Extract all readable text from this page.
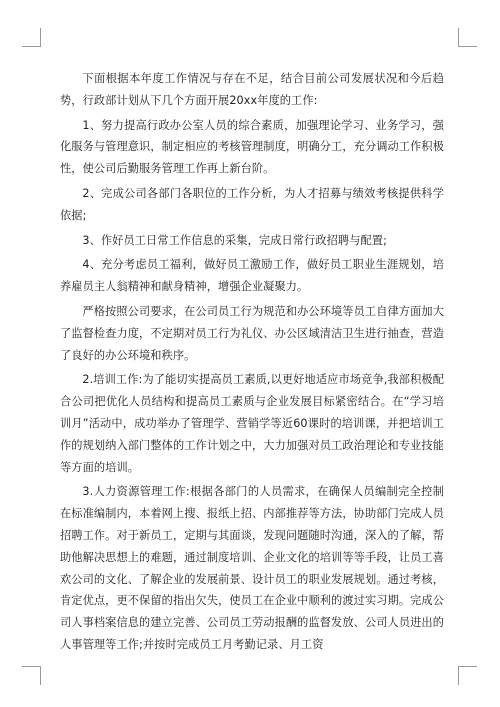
下面根据本年度工作情况与存在不足，结合目前公司发展状况和今后趋势，行政部计划从下几个方面开展20xx年度的工作:

1、努力提高行政办公室人员的综合素质，加强理论学习、业务学习，强化服务与管理意识，制定相应的考核管理制度，明确分工，充分调动工作积极性，使公司后勤服务管理工作再上新台阶。

2、完成公司各部门各职位的工作分析，为人才招募与绩效考核提供科学依据;

3、作好员工日常工作信息的采集，完成日常行政招聘与配置;

4、充分考虑员工福利，做好员工激励工作，做好员工职业生涯规划，培养雇员主人翁精神和献身精神，增强企业凝聚力。

严格按照公司要求，在公司员工行为规范和办公环境等员工自律方面加大了监督检查力度，不定期对员工行为礼仪、办公区域清洁卫生进行抽查，营造了良好的办公环境和秩序。

2.培训工作:为了能切实提高员工素质,以更好地适应市场竞争,我部积极配合公司把优化人员结构和提高员工素质与企业发展目标紧密结合。在“学习培训月”活动中，成功举办了管理学、营销学等近60课时的培训课，并把培训工作的规划纳入部门整体的工作计划之中，大力加强对员工政治理论和专业技能等方面的培训。

3.人力资源管理工作:根据各部门的人员需求，在确保人员编制完全控制在标准编制内，本着网上搜、报纸上招、内部推荐等方法，协助部门完成人员招聘工作。对于新员工，定期与其面谈，发现问题随时沟通，深入的了解，帮助他解决思想上的难题，通过制度培训、企业文化的培训等等手段，让员工喜欢公司的文化、了解企业的发展前景、设计员工的职业发展规划。通过考核，肯定优点，更不保留的指出欠失，使员工在企业中顺利的渡过实习期。完成公司人事档案信息的建立完善、公司员工劳动报酬的监督发放、公司人员进出的人事管理等工作;并按时完成员工月考勤记录、月工资
